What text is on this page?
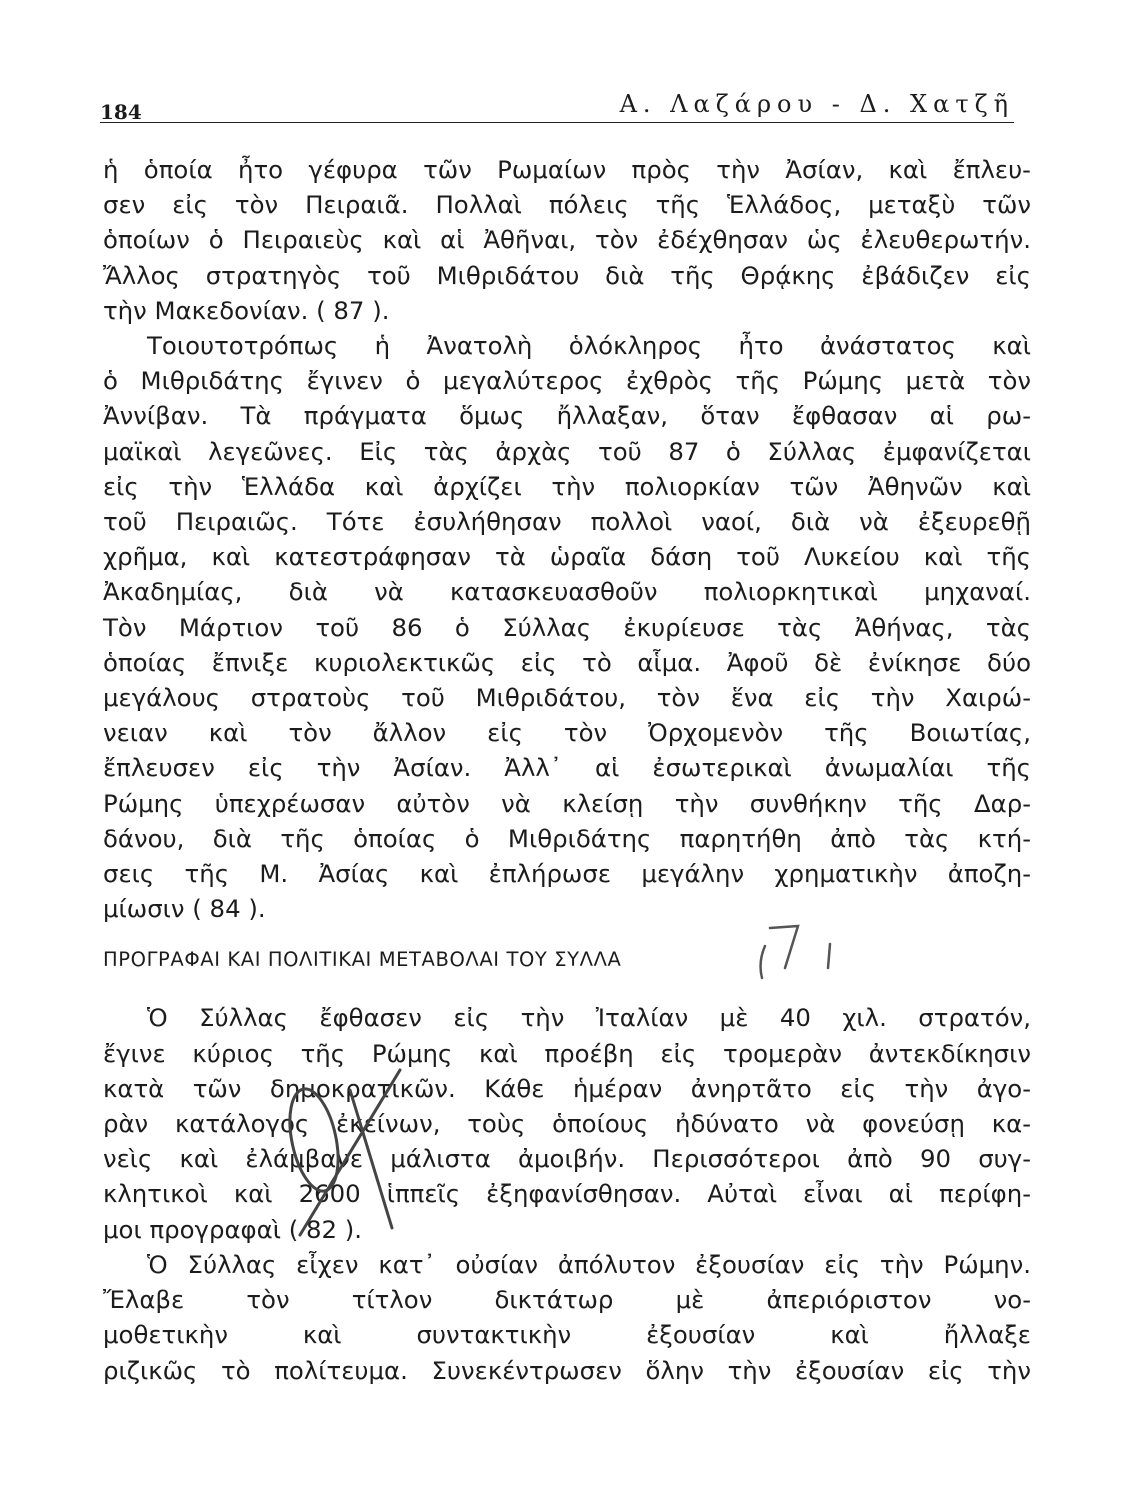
184	Α. Λαζάρου - Δ. Χατζῆ

ἡ ὁποία ἦτο γέφυρα τῶν Ρωμαίων πρὸς τὴν Ἀσίαν, καὶ ἔπλευ-
σεν εἰς τὸν Πειραιᾶ. Πολλαὶ πόλεις τῆς Ἑλλάδος, μεταξὺ τῶν
ὁποίων ὁ Πειραιεὺς καὶ αἱ Ἀθῆναι, τὸν ἐδέχθησαν ὡς ἐλευθερωτήν.
Ἄλλος στρατηγὸς τοῦ Μιθριδάτου διὰ τῆς Θρᾴκης ἐβάδιζεν εἰς
τὴν Μακεδονίαν. ( 87 ).

Τοιουτοτρόπως ἡ Ἀνατολὴ ὁλόκληρος ἦτο ἀνάστατος καὶ
ὁ Μιθριδάτης ἔγινεν ὁ μεγαλύτερος ἐχθρὸς τῆς Ρώμης μετὰ τὸν
Ἀννίβαν. Τὰ πράγματα ὅμως ἤλλαξαν, ὅταν ἔφθασαν αἱ ρω-
μαϊκαὶ λεγεῶνες. Εἰς τὰς ἀρχὰς τοῦ 87 ὁ Σύλλας ἐμφανίζεται
εἰς τὴν Ἑλλάδα καὶ ἀρχίζει τὴν πολιορκίαν τῶν Ἀθηνῶν καὶ
τοῦ Πειραιῶς. Τότε ἐσυλήθησαν πολλοὶ ναοί, διὰ νὰ ἐξευρεθῇ
χρῆμα, καὶ κατεστράφησαν τὰ ὡραῖα δάση τοῦ Λυκείου καὶ τῆς
Ἀκαδημίας, διὰ νὰ κατασκευασθοῦν πολιορκητικαὶ μηχαναί.
Τὸν Μάρτιον τοῦ 86 ὁ Σύλλας ἐκυρίευσε τὰς Ἀθήνας, τὰς
ὁποίας ἔπνιξε κυριολεκτικῶς εἰς τὸ αἷμα. Ἀφοῦ δὲ ἐνίκησε δύο
μεγάλους στρατοὺς τοῦ Μιθριδάτου, τὸν ἕνα εἰς τὴν Χαιρώ-
νειαν καὶ τὸν ἄλλον εἰς τὸν Ὀρχομενὸν τῆς Βοιωτίας,
ἔπλευσεν εἰς τὴν Ἀσίαν. Ἀλλ᾿ αἱ ἐσωτερικαὶ ἀνωμαλίαι τῆς
Ρώμης ὑπεχρέωσαν αὐτὸν νὰ κλείσῃ τὴν συνθήκην τῆς Δαρ-
δάνου, διὰ τῆς ὁποίας ὁ Μιθριδάτης παρητήθη ἀπὸ τὰς κτή-
σεις τῆς Μ. Ἀσίας καὶ ἐπλήρωσε μεγάλην χρηματικὴν ἀποζη-
μίωσιν ( 84 ).

ΠΡΟΓΡΑΦΑΙ ΚΑΙ ΠΟΛΙΤΙΚΑΙ ΜΕΤΑΒΟΛΑΙ ΤΟΥ ΣΥΛΛΑ

Ὁ Σύλλας ἔφθασεν εἰς τὴν Ἰταλίαν μὲ 40 χιλ. στρατόν,
ἔγινε κύριος τῆς Ρώμης καὶ προέβη εἰς τρομερὰν ἀντεκδίκησιν
κατὰ τῶν δημοκρατικῶν. Κάθε ἡμέραν ἀνηρτᾶτο εἰς τὴν ἀγο-
ρὰν κατάλογος ἐκείνων, τοὺς ὁποίους ἠδύνατο νὰ φονεύσῃ κα-
νεὶς καὶ ἐλάμβανε μάλιστα ἀμοιβήν. Περισσότεροι ἀπὸ 90 συγ-
κλητικοὶ καὶ 2600 ἱππεῖς ἐξηφανίσθησαν. Αὐταὶ εἶναι αἱ περίφη-
μοι προγραφαὶ ( 82 ).

Ὁ Σύλλας εἶχεν κατ᾿ οὐσίαν ἀπόλυτον ἐξουσίαν εἰς τὴν Ρώμην.
Ἔλαβε τὸν τίτλον δικτάτωρ μὲ ἀπεριόριστον νο-
μοθετικὴν καὶ συντακτικὴν ἐξουσίαν καὶ ἤλλαξε
ριζικῶς τὸ πολίτευμα. Συνεκέντρωσεν ὅλην τὴν ἐξουσίαν εἰς τὴν
